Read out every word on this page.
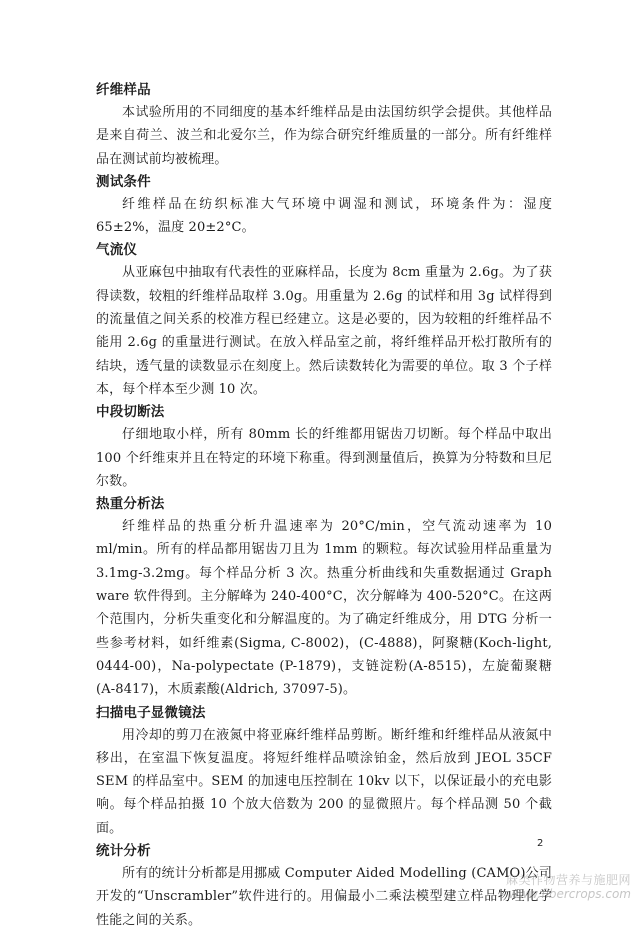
纤维样品

本试验所用的不同细度的基本纤维样品是由法国纺织学会提供。其他样品是来自荷兰、波兰和北爱尔兰，作为综合研究纤维质量的一部分。所有纤维样品在测试前均被梳理。

测试条件

纤维样品在纺织标准大气环境中调湿和测试，环境条件为：湿度 65±2%，温度 20±2°C。

气流仪

从亚麻包中抽取有代表性的亚麻样品，长度为 8cm 重量为 2.6g。为了获得读数，较粗的纤维样品取样 3.0g。用重量为 2.6g 的试样和用 3g 试样得到的流量值之间关系的校准方程已经建立。这是必要的，因为较粗的纤维样品不能用 2.6g 的重量进行测试。在放入样品室之前，将纤维样品开松打散所有的结块，透气量的读数显示在刻度上。然后读数转化为需要的单位。取 3 个子样本，每个样本至少测 10 次。

中段切断法

仔细地取小样，所有 80mm 长的纤维都用锯齿刀切断。每个样品中取出 100 个纤维束并且在特定的环境下称重。得到测量值后，换算为分特数和旦尼尔数。

热重分析法

纤维样品的热重分析升温速率为 20°C/min，空气流动速率为 10 ml/min。所有的样品都用锯齿刀且为 1mm 的颗粒。每次试验用样品重量为 3.1mg-3.2mg。每个样品分析 3 次。热重分析曲线和失重数据通过 Graph ware 软件得到。主分解峰为 240-400°C，次分解峰为 400-520°C。在这两个范围内，分析失重变化和分解温度的。为了确定纤维成分，用 DTG 分析一些参考材料，如纤维素(Sigma, C-8002)，(C-4888)，阿聚糖(Koch-light, 0444-00)，Na-polypectate (P-1879)，支链淀粉(A-8515)，左旋葡聚糖(A-8417)，木质素酸(Aldrich, 37097-5)。

扫描电子显微镜法

用冷却的剪刀在液氮中将亚麻纤维样品剪断。断纤维和纤维样品从液氮中移出，在室温下恢复温度。将短纤维样品喷涂铂金，然后放到 JEOL 35CF SEM 的样品室中。SEM 的加速电压控制在 10kv 以下，以保证最小的充电影响。每个样品拍摄 10 个放大倍数为 200 的显微照片。每个样品测 50 个截面。

统计分析

所有的统计分析都是用挪威 Computer Aided Modelling (CAMO)公司开发的“Unscrambler”软件进行的。用偏最小二乘法模型建立样品物理化学性能之间的关系。

2
麻类作物营养与施肥网
www.fibercrops.com
